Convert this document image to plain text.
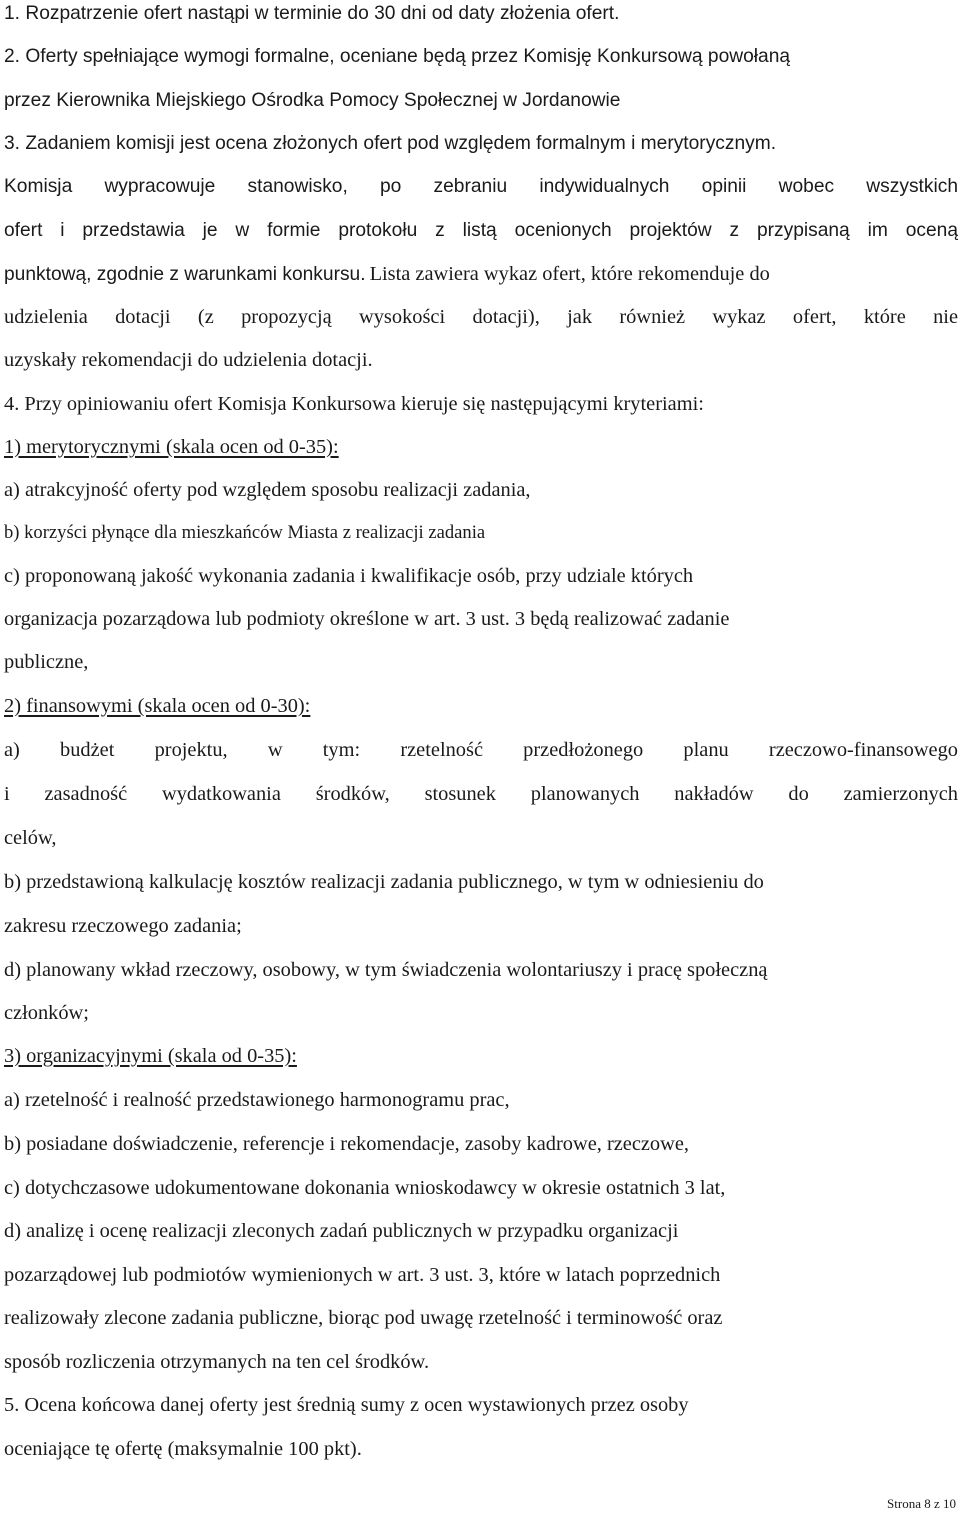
1. Rozpatrzenie ofert nastąpi w terminie do 30 dni od daty złożenia ofert.
2. Oferty spełniające wymogi formalne, oceniane będą przez Komisję Konkursową powołaną
przez Kierownika Miejskiego Ośrodka Pomocy Społecznej w Jordanowie
3. Zadaniem komisji jest ocena złożonych ofert pod względem formalnym i merytorycznym.
Komisja wypracowuje stanowisko, po zebraniu indywidualnych opinii wobec wszystkich
ofert i przedstawia je w formie protokołu z listą ocenionych projektów z przypisaną im oceną
punktową, zgodnie z warunkami konkursu. Lista zawiera wykaz ofert, które rekomenduje do
udzielenia dotacji (z propozycją wysokości dotacji), jak również wykaz ofert, które nie
uzyskały rekomendacji do udzielenia dotacji.
4. Przy opiniowaniu ofert Komisja Konkursowa kieruje się następującymi kryteriami:
1) merytorycznymi (skala ocen od 0-35):
a) atrakcyjność oferty pod względem sposobu realizacji zadania,
b) korzyści płynące dla mieszkańców Miasta z realizacji zadania
c) proponowaną jakość wykonania zadania i kwalifikacje osób, przy udziale których
organizacja pozarządowa lub podmioty określone w art. 3 ust. 3 będą realizować zadanie
publiczne,
2) finansowymi (skala ocen od 0-30):
a) budżet projektu, w tym: rzetelność przedłożonego planu rzeczowo-finansowego
i zasadność wydatkowania środków, stosunek planowanych nakładów do zamierzonych
celów,
b) przedstawioną kalkulację kosztów realizacji zadania publicznego, w tym w odniesieniu do
zakresu rzeczowego zadania;
d) planowany wkład rzeczowy, osobowy, w tym świadczenia wolontariuszy i pracę społeczną
członków;
3) organizacyjnymi (skala od 0-35):
a) rzetelność i realność przedstawionego harmonogramu prac,
b) posiadane doświadczenie, referencje i rekomendacje, zasoby kadrowe, rzeczowe,
c) dotychczasowe udokumentowane dokonania wnioskodawcy w okresie ostatnich 3 lat,
d) analizę i ocenę realizacji zleconych zadań publicznych w przypadku organizacji
pozarządowej lub podmiotów wymienionych w art. 3 ust. 3, które w latach poprzednich
realizowały zlecone zadania publiczne, biorąc pod uwagę rzetelność i terminowość oraz
sposób rozliczenia otrzymanych na ten cel środków.
5. Ocena końcowa danej oferty jest średnią sumy z ocen wystawionych przez osoby
oceniające tę ofertę (maksymalnie 100 pkt).
Strona 8 z 10
